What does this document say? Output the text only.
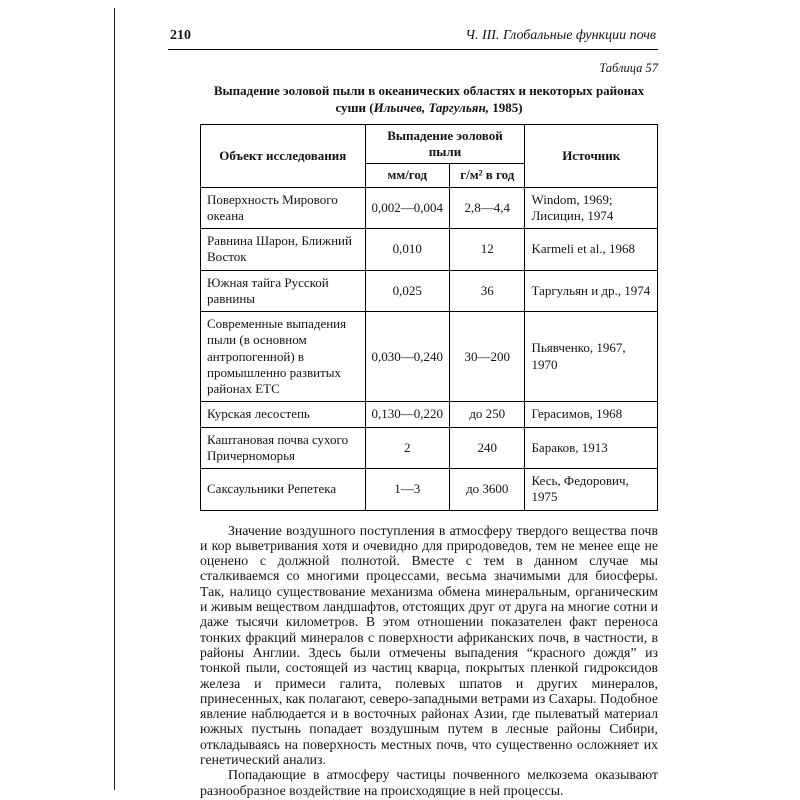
210	Ч. III. Глобальные функции почв
Таблица 57
Выпадение эоловой пыли в океанических областях и некоторых районах
суши (Ильичев, Таргульян, 1985)
Объект исследования	Выпадение эоловой пыли		Источник
	мм/год	г/м² в год	
Поверхность Мирового океана	0,002—0,004	2,8—4,4	Windom, 1969; Лисицин, 1974
Равнина Шарон, Ближний Восток	0,010	12	Karmeli et al., 1968
Южная тайга Русской равнины	0,025	36	Таргульян и др., 1974
Современные выпадения пыли (в основном антропогенной) в промышленно развитых районах ЕТС	0,030—0,240	30—200	Пьявченко, 1967, 1970
Курская лесостепь	0,130—0,220	до 250	Герасимов, 1968
Каштановая почва сухого Причерноморья	2	240	Бараков, 1913
Саксаульники Репетека	1—3	до 3600	Кесь, Федорович, 1975

Значение воздушного поступления в атмосферу твердого вещества почв и кор выветривания хотя и очевидно для природоведов, тем не менее еще не оценено с должной полнотой. Вместе с тем в данном случае мы сталкиваемся со многими процессами, весьма значимыми для биосферы. Так, налицо существование механизма обмена минеральным, органическим и живым веществом ландшафтов, отстоящих друг от друга на многие сотни и даже тысячи километров. В этом отношении показателен факт переноса тонких фракций минералов с поверхности африканских почв, в частности, в районы Англии. Здесь были отмечены выпадения “красного дождя” из тонкой пыли, состоящей из частиц кварца, покрытых пленкой гидроксидов железа и примеси галита, полевых шпатов и других минералов, принесенных, как полагают, северо-западными ветрами из Сахары. Подобное явление наблюдается и в восточных районах Азии, где пылеватый материал южных пустынь попадает воздушным путем в лесные районы Сибири, откладываясь на поверхность местных почв, что существенно осложняет их генетический анализ.

Попадающие в атмосферу частицы почвенного мелкозема оказывают разнообразное воздействие на происходящие в ней процессы.
